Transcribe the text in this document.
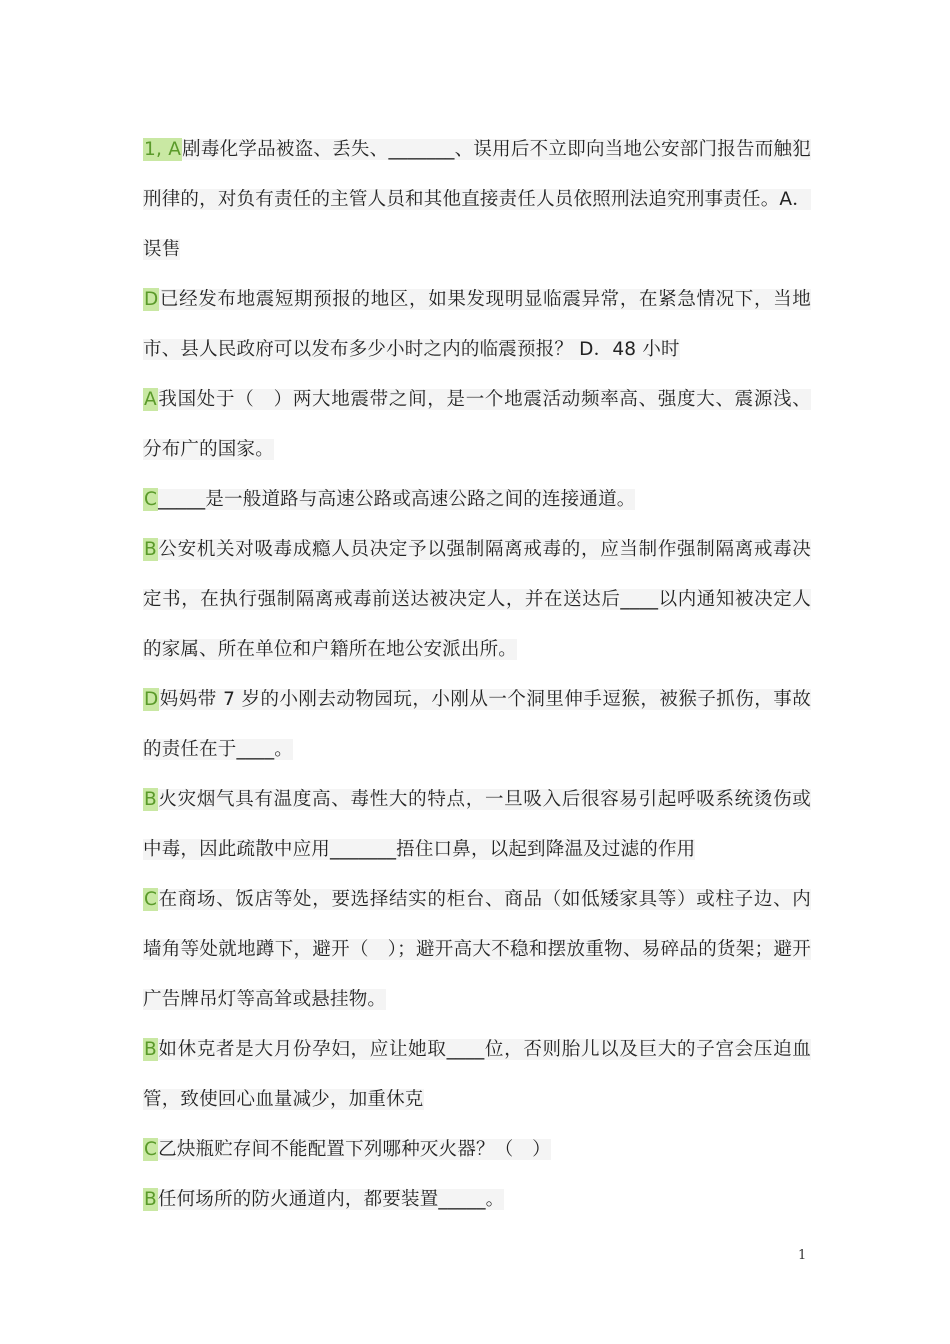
1, A剧毒化学品被盗、丢失、_______、误用后不立即向当地公安部门报告而触犯刑律的，对负有责任的主管人员和其他直接责任人员依照刑法追究刑事责任。A．误售

D已经发布地震短期预报的地区，如果发现明显临震异常，在紧急情况下，当地市、县人民政府可以发布多少小时之内的临震预报？ D．48 小时

A我国处于（　）两大地震带之间，是一个地震活动频率高、强度大、震源浅、分布广的国家。

C_____是一般道路与高速公路或高速公路之间的连接通道。

B公安机关对吸毒成瘾人员决定予以强制隔离戒毒的，应当制作强制隔离戒毒决定书，在执行强制隔离戒毒前送达被决定人，并在送达后____以内通知被决定人的家属、所在单位和户籍所在地公安派出所。

D妈妈带 7 岁的小刚去动物园玩，小刚从一个洞里伸手逗猴，被猴子抓伤，事故的责任在于____。

B火灾烟气具有温度高、毒性大的特点，一旦吸入后很容易引起呼吸系统烫伤或中毒，因此疏散中应用_______捂住口鼻，以起到降温及过滤的作用

C在商场、饭店等处，要选择结实的柜台、商品（如低矮家具等）或柱子边、内墙角等处就地蹲下，避开（　）；避开高大不稳和摆放重物、易碎品的货架；避开广告牌吊灯等高耸或悬挂物。

B如休克者是大月份孕妇，应让她取____位，否则胎儿以及巨大的子宫会压迫血管，致使回心血量减少，加重休克

C乙炔瓶贮存间不能配置下列哪种灭火器？（　）

B任何场所的防火通道内，都要装置_____。

1
